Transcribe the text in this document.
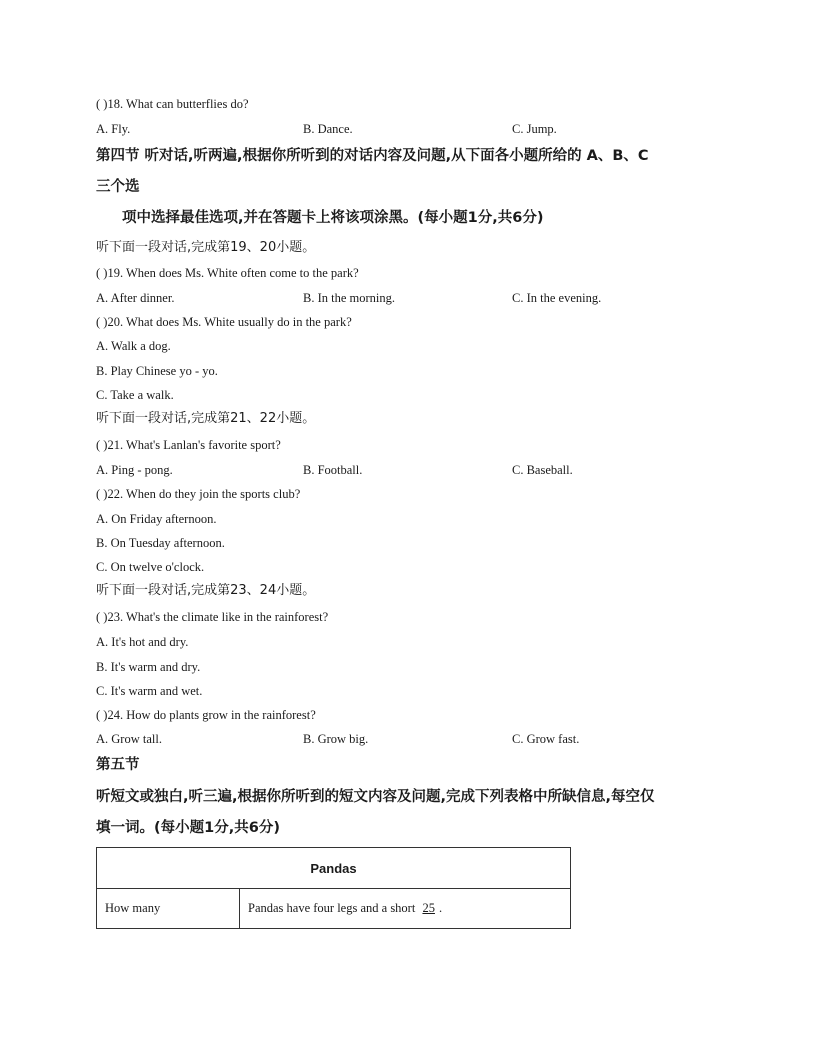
( )18. What can butterflies do?
A. Fly.	B. Dance.	C. Jump.
第四节 听对话,听两遍,根据你所听到的对话内容及问题,从下面各小题所给的 A、B、C
三个选
项中选择最佳选项,并在答题卡上将该项涂黑。(每小题1分,共6分)
听下面一段对话,完成第19、20小题。
( )19. When does Ms. White often come to the park?
A. After dinner.	B. In the morning.	C. In the evening.
( )20. What does Ms. White usually do in the park?
A. Walk a dog.
B. Play Chinese yo - yo.
C. Take a walk.
听下面一段对话,完成第21、22小题。
( )21. What's Lanlan's favorite sport?
A. Ping - pong.	B. Football.	C. Baseball.
( )22. When do they join the sports club?
A. On Friday afternoon.
B. On Tuesday afternoon.
C. On twelve o'clock.
听下面一段对话,完成第23、24小题。
( )23. What's the climate like in the rainforest?
A. It's hot and dry.
B. It's warm and dry.
C. It's warm and wet.
( )24. How do plants grow in the rainforest?
A. Grow tall.	B. Grow big.	C. Grow fast.
第五节
听短文或独白,听三遍,根据你所听到的短文内容及问题,完成下列表格中所缺信息,每空仅
填一词。(每小题1分,共6分)
Pandas
How many	Pandas have four legs and a short 25 .
